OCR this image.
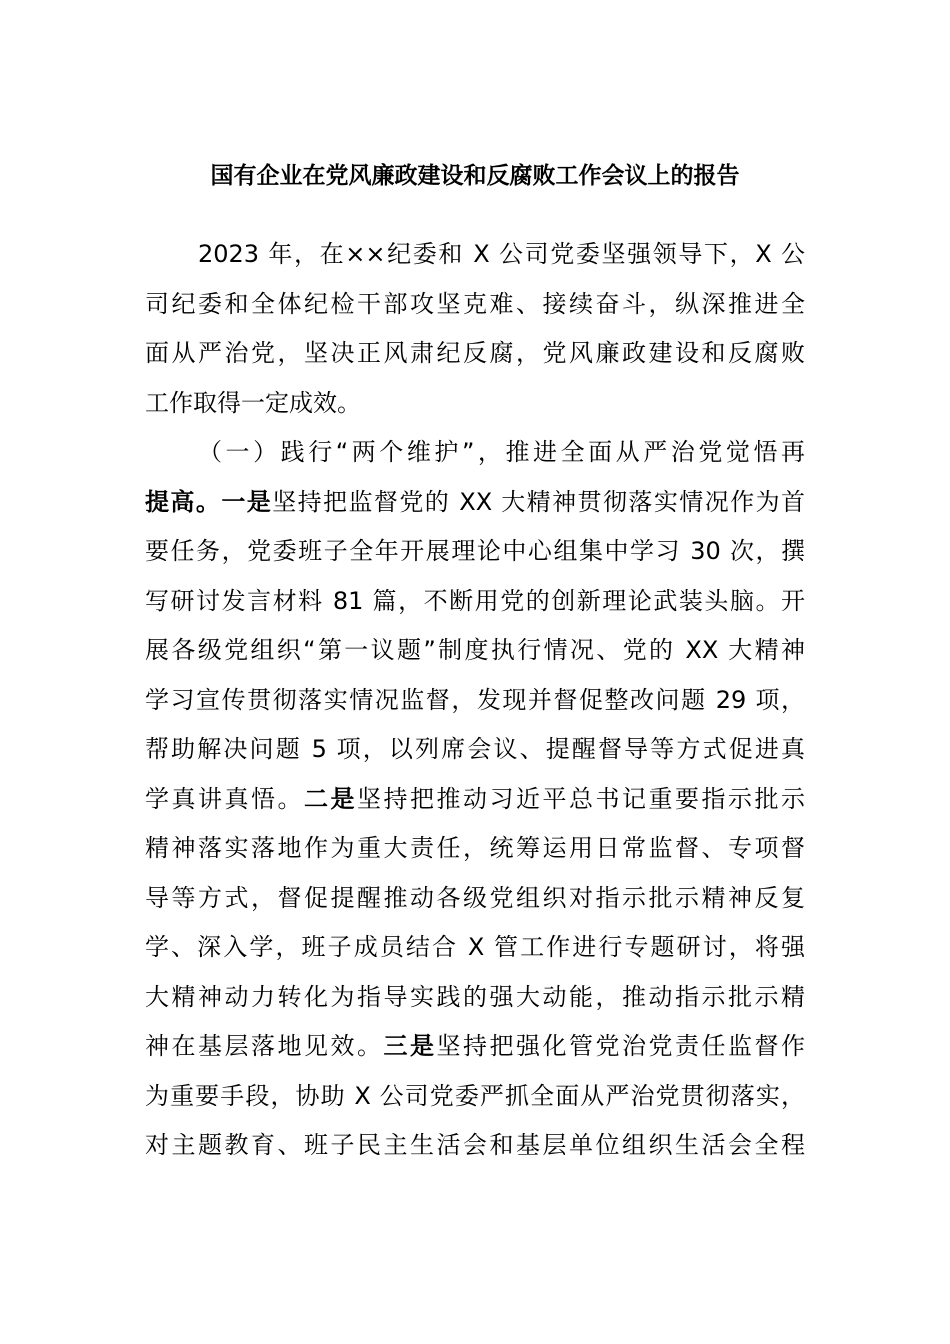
国有企业在党风廉政建设和反腐败工作会议上的报告
2023 年，在××纪委和 X 公司党委坚强领导下，X 公
司纪委和全体纪检干部攻坚克难、接续奋斗，纵深推进全
面从严治党，坚决正风肃纪反腐，党风廉政建设和反腐败
工作取得一定成效。
（一）践行“两个维护”，推进全面从严治党觉悟再
提高。一是坚持把监督党的 XX 大精神贯彻落实情况作为首
要任务，党委班子全年开展理论中心组集中学习 30 次，撰
写研讨发言材料 81 篇，不断用党的创新理论武装头脑。开
展各级党组织“第一议题”制度执行情况、党的 XX 大精神
学习宣传贯彻落实情况监督，发现并督促整改问题 29 项，
帮助解决问题 5 项，以列席会议、提醒督导等方式促进真
学真讲真悟。二是坚持把推动习近平总书记重要指示批示
精神落实落地作为重大责任，统筹运用日常监督、专项督
导等方式，督促提醒推动各级党组织对指示批示精神反复
学、深入学，班子成员结合 X 管工作进行专题研讨，将强
大精神动力转化为指导实践的强大动能，推动指示批示精
神在基层落地见效。三是坚持把强化管党治党责任监督作
为重要手段，协助 X 公司党委严抓全面从严治党贯彻落实，
对主题教育、班子民主生活会和基层单位组织生活会全程
